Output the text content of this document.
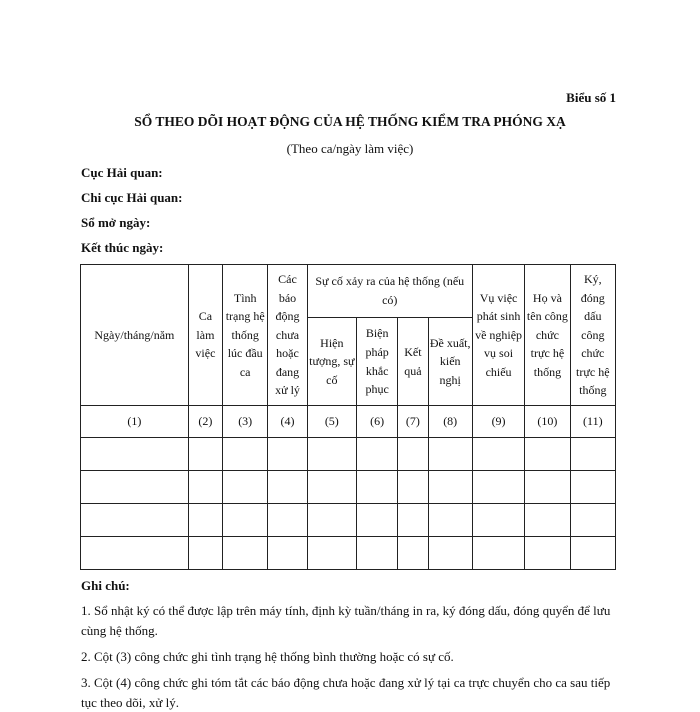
Biểu số 1
SỔ THEO DÕI HOẠT ĐỘNG CỦA HỆ THỐNG KIỂM TRA PHÓNG XẠ
(Theo ca/ngày làm việc)
Cục Hải quan:
Chi cục Hải quan:
Sổ mở ngày:
Kết thúc ngày:
Ngày/tháng/năm	Ca làm việc	Tình trạng hệ thống lúc đầu ca	Các báo động chưa hoặc đang xử lý	Sự cố xảy ra của hệ thống (nếu có)				Vụ việc phát sinh về nghiệp vụ soi chiếu	Họ và tên công chức trực hệ thống	Ký, đóng dấu công chức trực hệ thống
				Hiện tượng, sự cố	Biện pháp khắc phục	Kết quả	Đề xuất, kiến nghị			
(1)	(2)	(3)	(4)	(5)	(6)	(7)	(8)	(9)	(10)	(11)

Ghi chú:
1. Sổ nhật ký có thể được lập trên máy tính, định kỳ tuần/tháng in ra, ký đóng dấu, đóng quyển để lưu cùng hệ thống.
2. Cột (3) công chức ghi tình trạng hệ thống bình thường hoặc có sự cố.
3. Cột (4) công chức ghi tóm tắt các báo động chưa hoặc đang xử lý tại ca trực chuyển cho ca sau tiếp tục theo dõi, xử lý.
